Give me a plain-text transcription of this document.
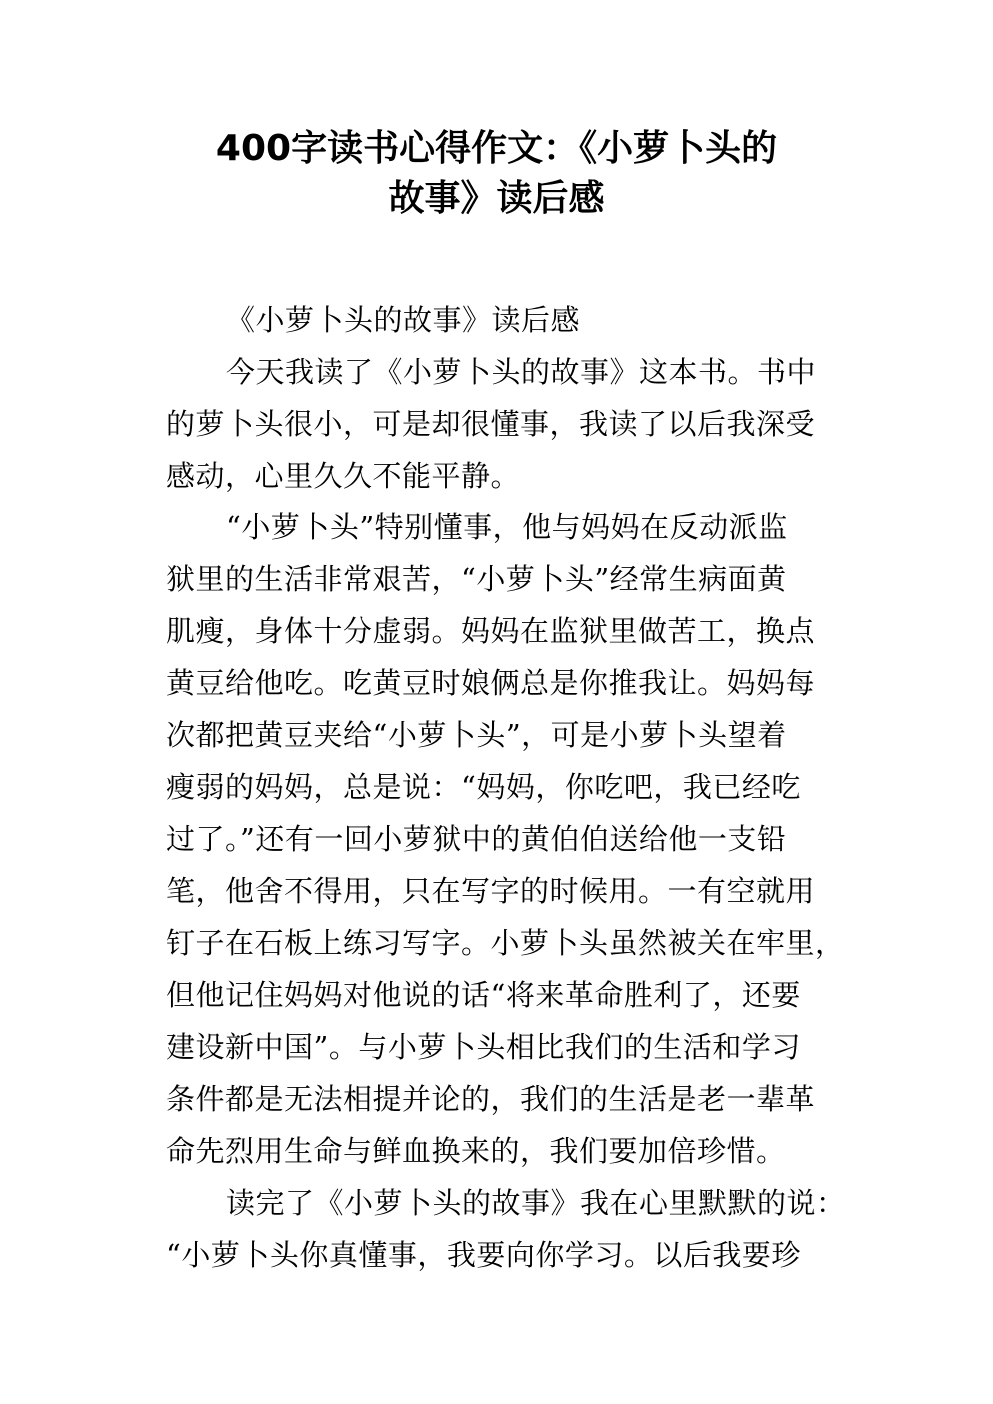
400字读书心得作文：《小萝卜头的
故事》读后感
《小萝卜头的故事》读后感
今天我读了《小萝卜头的故事》这本书。书中
的萝卜头很小，可是却很懂事，我读了以后我深受
感动，心里久久不能平静。
“小萝卜头”特别懂事，他与妈妈在反动派监
狱里的生活非常艰苦，“小萝卜头”经常生病面黄
肌瘦，身体十分虚弱。妈妈在监狱里做苦工，换点
黄豆给他吃。吃黄豆时娘俩总是你推我让。妈妈每
次都把黄豆夹给“小萝卜头”，可是小萝卜头望着
瘦弱的妈妈，总是说：“妈妈，你吃吧，我已经吃
过了。”还有一回小萝狱中的黄伯伯送给他一支铅
笔，他舍不得用，只在写字的时候用。一有空就用
钉子在石板上练习写字。小萝卜头虽然被关在牢里，
但他记住妈妈对他说的话“将来革命胜利了，还要
建设新中国”。与小萝卜头相比我们的生活和学习
条件都是无法相提并论的，我们的生活是老一辈革
命先烈用生命与鲜血换来的，我们要加倍珍惜。
读完了《小萝卜头的故事》我在心里默默的说：
“小萝卜头你真懂事，我要向你学习。以后我要珍
